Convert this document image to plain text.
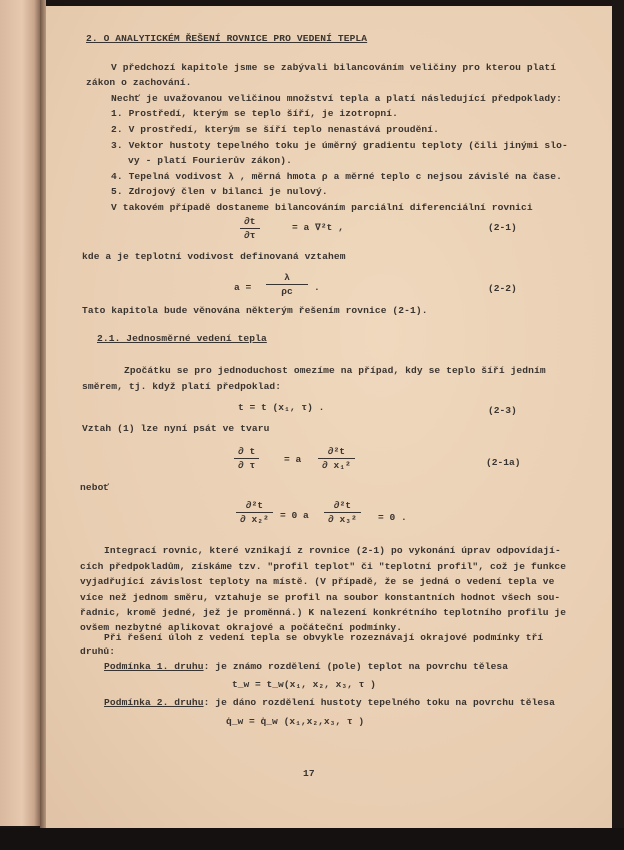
2. O ANALYTICKÉM ŘEŠENÍ ROVNICE PRO VEDENÍ TEPLA
V předchozí kapitole jsme se zabývali bilancováním veličiny pro kterou platí
zákon o zachování.
Nechť je uvažovanou veličinou množství tepla a platí následující předpoklady:
1. Prostředí, kterým se teplo šíří, je izotropní.
2. V prostředí, kterým se šíří teplo nenastává proudění.
3. Vektor hustoty tepelného toku je úměrný gradientu teploty (čili jinými slo-
vy - platí Fourierův zákon).
4. Tepelná vodivost λ , měrná hmota ρ a měrné teplo c nejsou závislé na čase.
5. Zdrojový člen v bilanci je nulový.
V takovém případě dostaneme bilancováním parciální diferenciální rovnici
∂t
∂τ
= a ∇²t ,	(2-1)
kde a je teplotní vodivost definovaná vztahem
a =
λ
ρc	.	(2-2)
Tato kapitola bude věnována některým řešením rovnice (2-1).
2.1. Jednosměrné vedení tepla
Zpočátku se pro jednoduchost omezíme na případ, kdy se teplo šíří jedním
směrem, tj. když platí předpoklad:
t = t (x₁, τ) .	(2-3)
Vztah (1) lze nyní psát ve tvaru
∂ t
∂ τ
= a
∂²t
∂ x₁²	(2-1a)
neboť
∂²t
∂ x₂²	= 0 a
∂²t
∂ x₃²	= 0 .
Integrací rovnic, které vznikají z rovnice (2-1) po vykonání úprav odpovídají-
cích předpokladům, získáme tzv. "profil teplot" či "teplotní profil", což je funkce
vyjadřující závislost teploty na místě. (V případě, že se jedná o vedení tepla ve
více než jednom směru, vztahuje se profil na soubor konstantních hodnot všech sou-
řadnic, kromě jedné, jež je proměnná.) K nalezení konkrétního teplotního profilu je
ovšem nezbytné aplikovat okrajové a počáteční podmínky.
Při řešení úloh z vedení tepla se obvykle rozeznávají okrajové podmínky tří
druhů:
Podmínka 1. druhu: je známo rozdělení (pole) teplot na povrchu tělesa
t_w = t_w(x₁, x₂, x₃, τ )
Podmínka 2. druhu: je dáno rozdělení hustoty tepelného toku na povrchu tělesa
q̇_w = q̇_w (x₁,x₂,x₃, τ )
17
